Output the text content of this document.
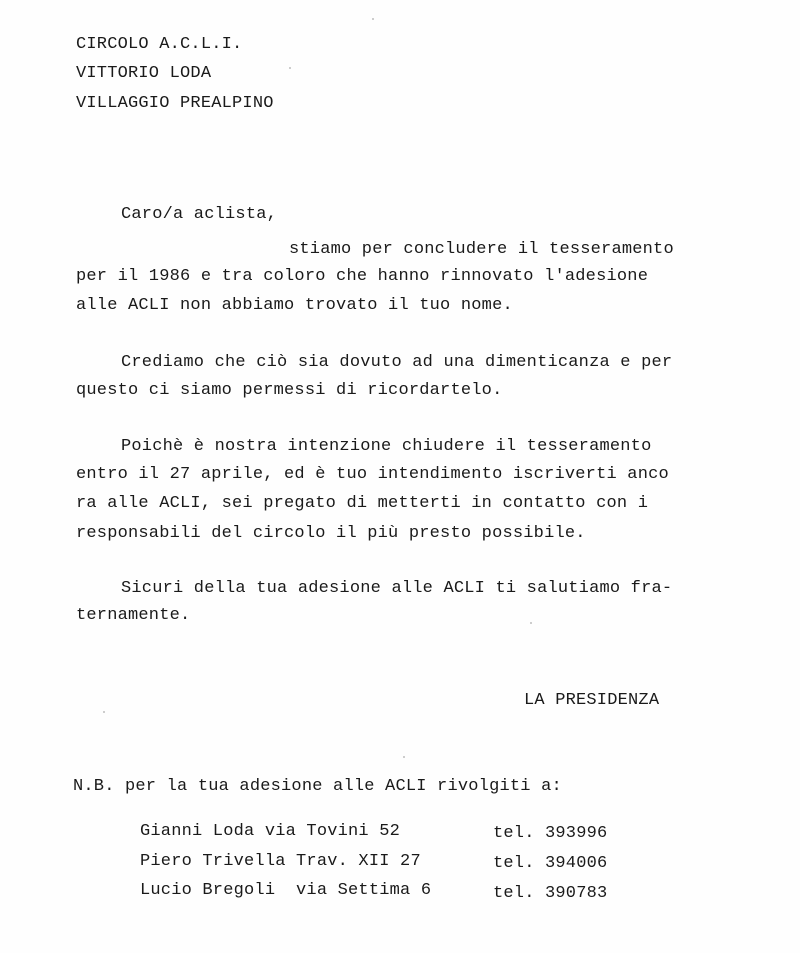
CIRCOLO A.C.L.I.
VITTORIO LODA
VILLAGGIO PREALPINO
Caro/a aclista,
stiamo per concludere il tesseramento
per il 1986 e tra coloro che hanno rinnovato l'adesione
alle ACLI non abbiamo trovato il tuo nome.
Crediamo che ciò sia dovuto ad una dimenticanza e per
questo ci siamo permessi di ricordartelo.
Poichè è nostra intenzione chiudere il tesseramento
entro il 27 aprile, ed è tuo intendimento iscriverti anco
ra alle ACLI, sei pregato di metterti in contatto con i
responsabili del circolo il più presto possibile.
Sicuri della tua adesione alle ACLI ti salutiamo fra-
ternamente.
LA PRESIDENZA
N.B. per la tua adesione alle ACLI rivolgiti a:
Gianni Loda via Tovini 52	tel. 393996
Piero Trivella Trav. XII 27	tel. 394006
Lucio Bregoli  via Settima 6	tel. 390783
